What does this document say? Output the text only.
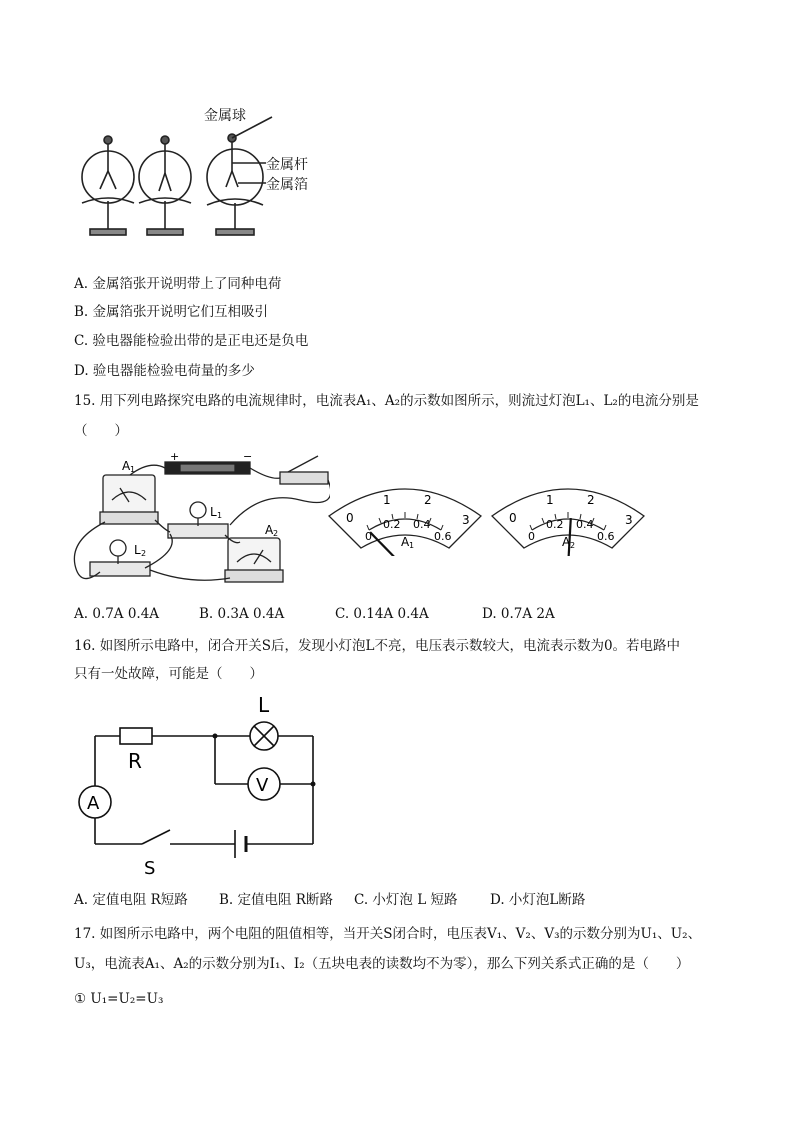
金属球
金属杆
金属箔
A. 金属箔张开说明带上了同种电荷
B. 金属箔张开说明它们互相吸引
C. 验电器能检验出带的是正电还是负电
D. 验电器能检验电荷量的多少
15. 用下列电路探究电路的电流规律时，电流表A₁、A₂的示数如图所示，则流过灯泡L₁、L₂的电流分别是
（　　）
A 1
L 1
A 2
L 2
+	−
0
1	2
3
0
0.2 0.4
0.6
A 1
0
1	2
3
0
0.2 0.4
0.6
A 2
A. 0.7A 0.4A	B. 0.3A 0.4A	C. 0.14A 0.4A	D. 0.7A 2A
16. 如图所示电路中，闭合开关S后，发现小灯泡L不亮，电压表示数较大，电流表示数为0。若电路中
只有一处故障，可能是（　　）
L
R
A
V
S
A. 定值电阻 R短路 B. 定值电阻 R断路 C. 小灯泡 L 短路 D. 小灯泡L断路
17. 如图所示电路中，两个电阻的阻值相等，当开关S闭合时，电压表V₁、V₂、V₃的示数分别为U₁、U₂、
U₃，电流表A₁、A₂的示数分别为I₁、I₂（五块电表的读数均不为零），那么下列关系式正确的是（　　）
① U₁=U₂=U₃
